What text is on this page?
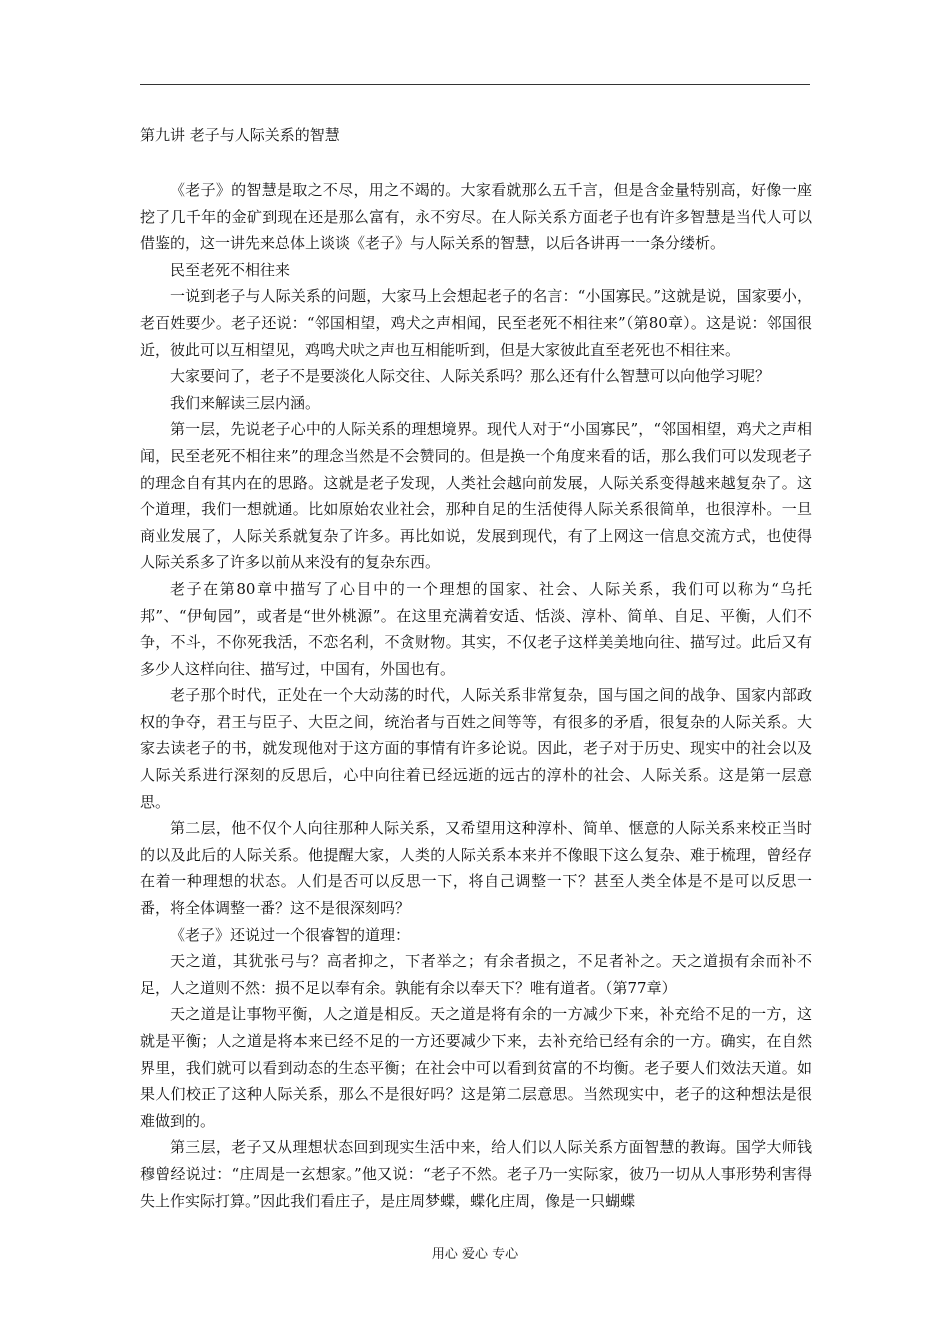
第九讲 老子与人际关系的智慧

《老子》的智慧是取之不尽，用之不竭的。大家看就那么五千言，但是含金量特别高，好像一座挖了几千年的金矿到现在还是那么富有，永不穷尽。在人际关系方面老子也有许多智慧是当代人可以借鉴的，这一讲先来总体上谈谈《老子》与人际关系的智慧，以后各讲再一一条分缕析。

民至老死不相往来

一说到老子与人际关系的问题，大家马上会想起老子的名言：“小国寡民。”这就是说，国家要小，老百姓要少。老子还说：“邻国相望，鸡犬之声相闻，民至老死不相往来”（第80章）。这是说：邻国很近，彼此可以互相望见，鸡鸣犬吠之声也互相能听到，但是大家彼此直至老死也不相往来。

大家要问了，老子不是要淡化人际交往、人际关系吗？那么还有什么智慧可以向他学习呢？

我们来解读三层内涵。

第一层，先说老子心中的人际关系的理想境界。现代人对于“小国寡民”，“邻国相望，鸡犬之声相闻，民至老死不相往来”的理念当然是不会赞同的。但是换一个角度来看的话，那么我们可以发现老子的理念自有其内在的思路。这就是老子发现，人类社会越向前发展，人际关系变得越来越复杂了。这个道理，我们一想就通。比如原始农业社会，那种自足的生活使得人际关系很简单，也很淳朴。一旦商业发展了，人际关系就复杂了许多。再比如说，发展到现代，有了上网这一信息交流方式，也使得人际关系多了许多以前从来没有的复杂东西。

老子在第80章中描写了心目中的一个理想的国家、社会、人际关系，我们可以称为“乌托邦”、“伊甸园”，或者是“世外桃源”。在这里充满着安适、恬淡、淳朴、简单、自足、平衡，人们不争，不斗，不你死我活，不恋名利，不贪财物。其实，不仅老子这样美美地向往、描写过。此后又有多少人这样向往、描写过，中国有，外国也有。

老子那个时代，正处在一个大动荡的时代，人际关系非常复杂，国与国之间的战争、国家内部政权的争夺，君王与臣子、大臣之间，统治者与百姓之间等等，有很多的矛盾，很复杂的人际关系。大家去读老子的书，就发现他对于这方面的事情有许多论说。因此，老子对于历史、现实中的社会以及人际关系进行深刻的反思后，心中向往着已经远逝的远古的淳朴的社会、人际关系。这是第一层意思。

第二层，他不仅个人向往那种人际关系，又希望用这种淳朴、简单、惬意的人际关系来校正当时的以及此后的人际关系。他提醒大家，人类的人际关系本来并不像眼下这么复杂、难于梳理，曾经存在着一种理想的状态。人们是否可以反思一下，将自己调整一下？甚至人类全体是不是可以反思一番，将全体调整一番？这不是很深刻吗？

《老子》还说过一个很睿智的道理：

天之道，其犹张弓与？高者抑之，下者举之；有余者损之，不足者补之。天之道损有余而补不足，人之道则不然：损不足以奉有余。孰能有余以奉天下？唯有道者。（第77章）

天之道是让事物平衡，人之道是相反。天之道是将有余的一方减少下来，补充给不足的一方，这就是平衡；人之道是将本来已经不足的一方还要减少下来，去补充给已经有余的一方。确实，在自然界里，我们就可以看到动态的生态平衡；在社会中可以看到贫富的不均衡。老子要人们效法天道。如果人们校正了这种人际关系，那么不是很好吗？这是第二层意思。当然现实中，老子的这种想法是很难做到的。

第三层，老子又从理想状态回到现实生活中来，给人们以人际关系方面智慧的教诲。国学大师钱穆曾经说过：“庄周是一玄想家。”他又说：“老子不然。老子乃一实际家，彼乃一切从人事形势利害得失上作实际打算。”因此我们看庄子，是庄周梦蝶，蝶化庄周，像是一只蝴蝶

用心 爱心 专心
